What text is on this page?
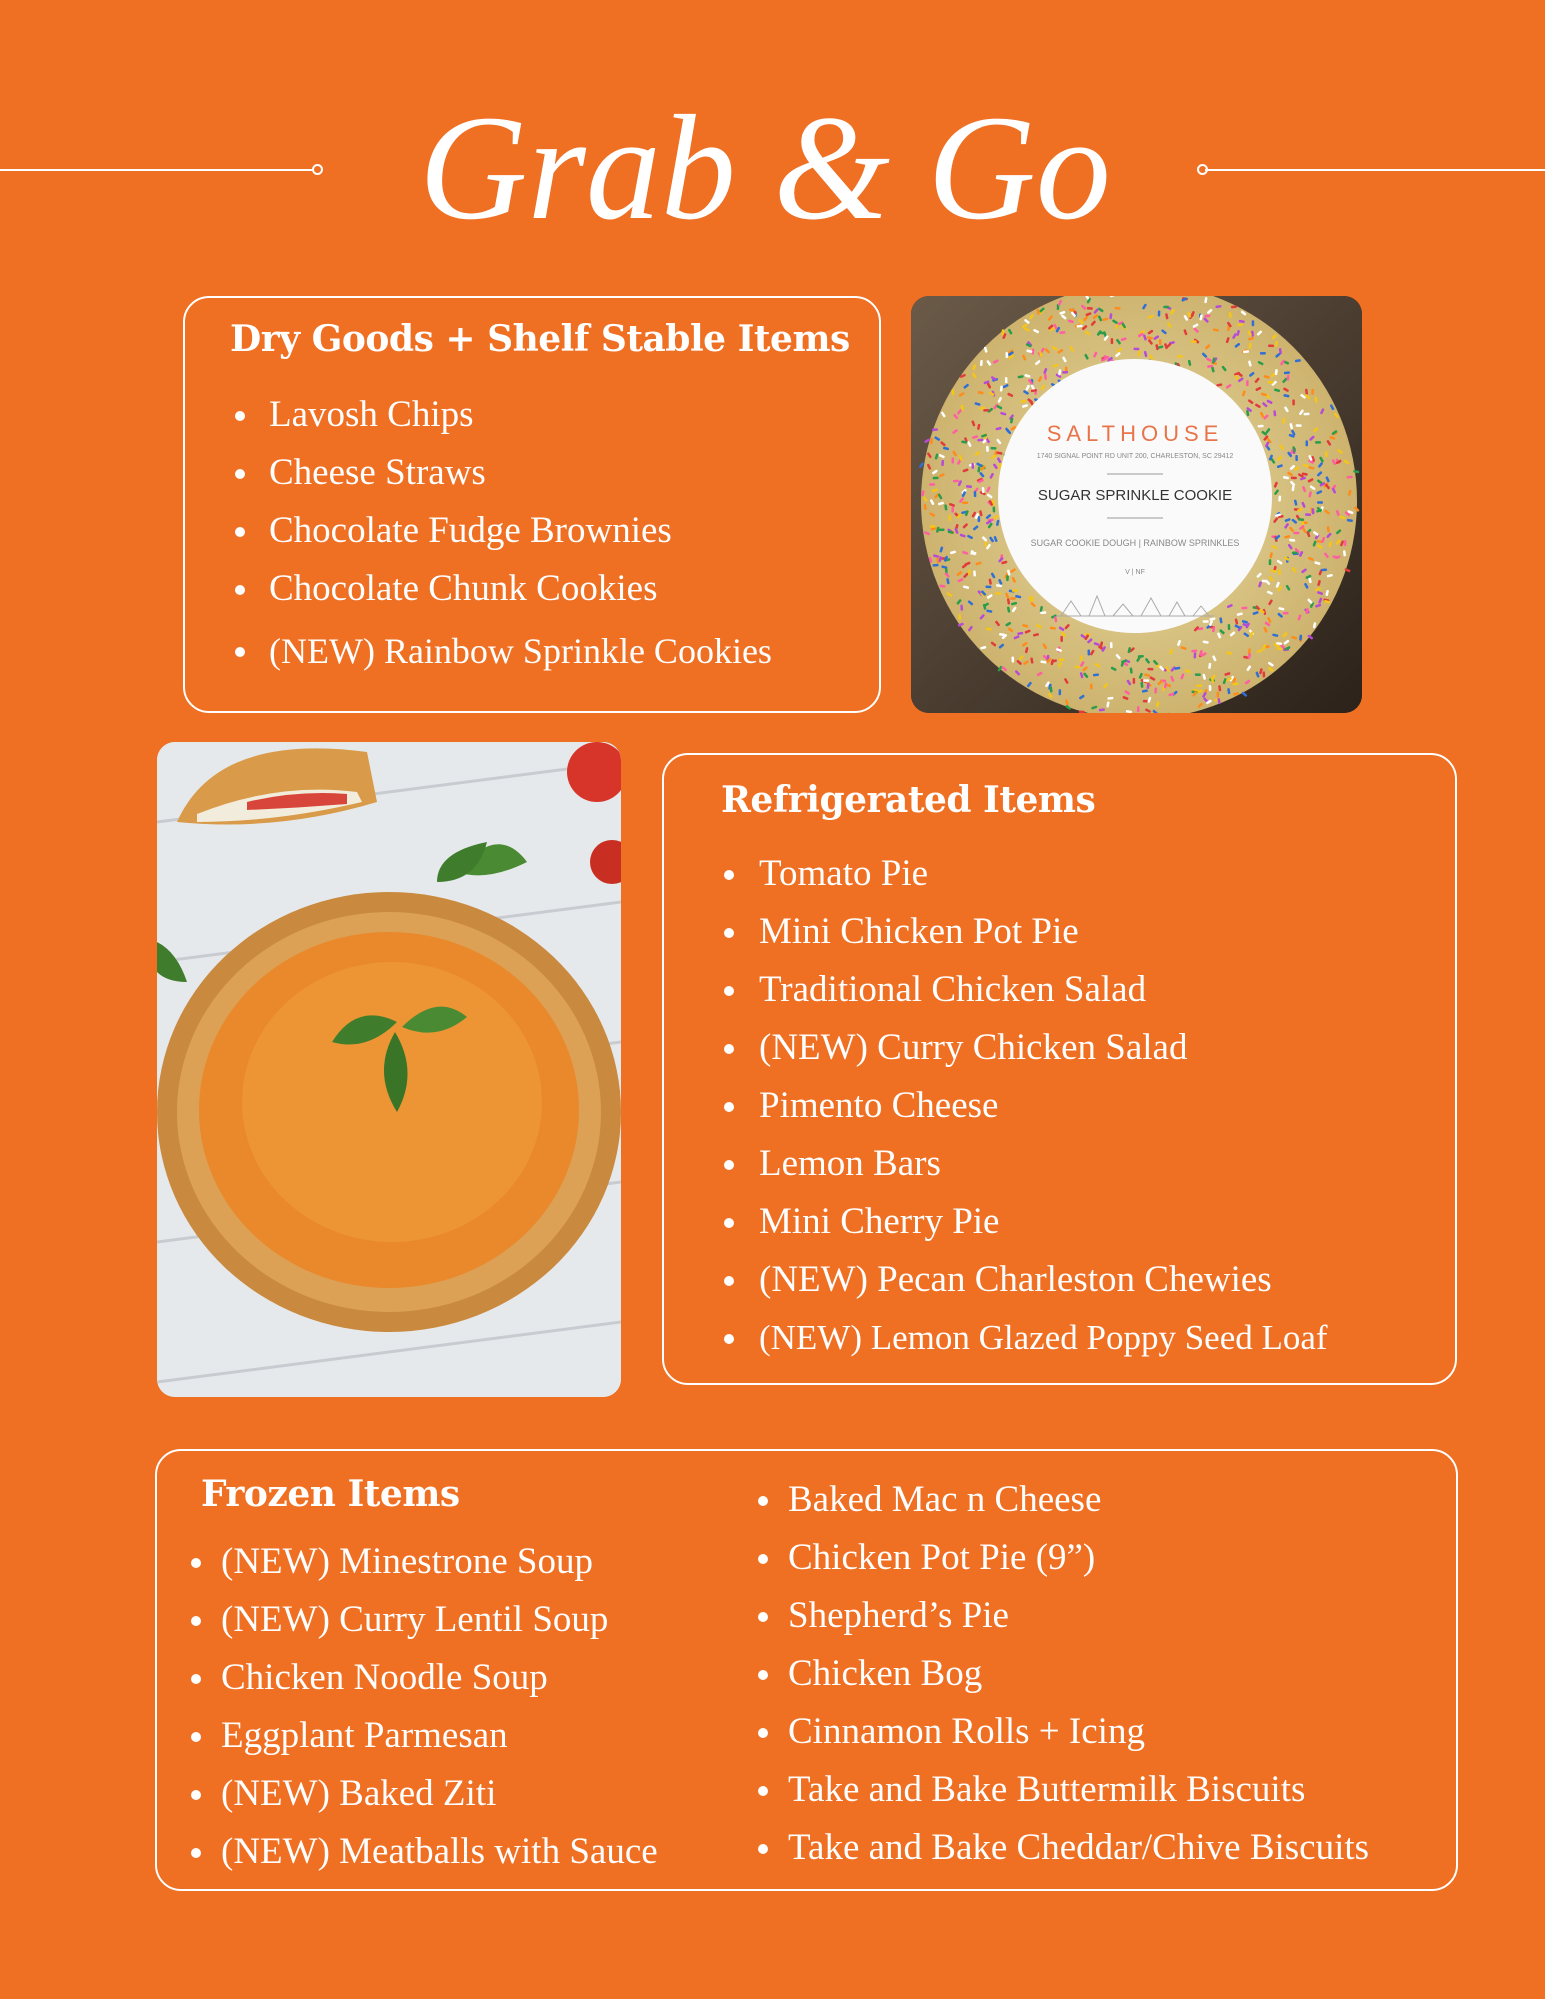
Grab & Go
Dry Goods + Shelf Stable Items
Lavosh Chips
Cheese Straws
Chocolate Fudge Brownies
Chocolate Chunk Cookies
(NEW) Rainbow Sprinkle Cookies
SALTHOUSE
1740 SIGNAL POINT RD UNIT 200, CHARLESTON, SC 29412
SUGAR SPRINKLE COOKIE
SUGAR COOKIE DOUGH | RAINBOW SPRINKLES
V | NF
Refrigerated Items
Tomato Pie
Mini Chicken Pot Pie
Traditional Chicken Salad
(NEW) Curry Chicken Salad
Pimento Cheese
Lemon Bars
Mini Cherry Pie
(NEW) Pecan Charleston Chewies
(NEW) Lemon Glazed Poppy Seed Loaf
Frozen Items
(NEW) Minestrone Soup
(NEW) Curry Lentil Soup
Chicken Noodle Soup
Eggplant Parmesan
(NEW) Baked Ziti
(NEW) Meatballs with Sauce
Baked Mac n Cheese
Chicken Pot Pie (9”)
Shepherd’s Pie
Chicken Bog
Cinnamon Rolls + Icing
Take and Bake Buttermilk Biscuits
Take and Bake Cheddar/Chive Biscuits
